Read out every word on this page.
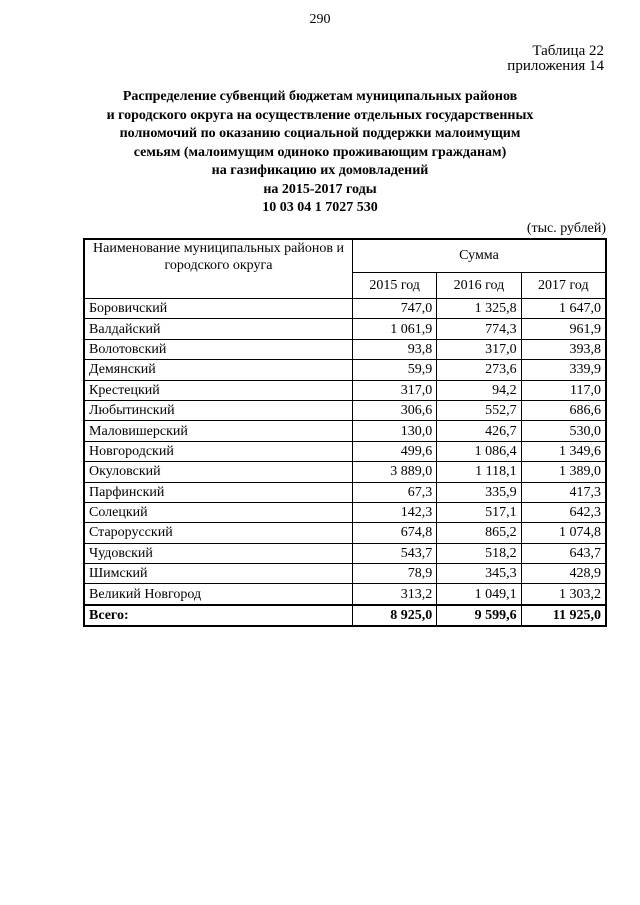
290
Таблица 22
приложения 14
Распределение субвенций бюджетам муниципальных районов
и городского округа на осуществление отдельных государственных
полномочий по оказанию социальной поддержки малоимущим
семьям (малоимущим одиноко проживающим гражданам)
на газификацию их домовладений
на 2015-2017 годы
10 03 04 1 7027 530
(тыс. рублей)
Наименование муниципальных районов и городского округа	Сумма		
	2015 год	2016 год	2017 год
Боровичский	747,0	1 325,8	1 647,0
Валдайский	1 061,9	774,3	961,9
Волотовский	93,8	317,0	393,8
Демянский	59,9	273,6	339,9
Крестецкий	317,0	94,2	117,0
Любытинский	306,6	552,7	686,6
Маловишерский	130,0	426,7	530,0
Новгородский	499,6	1 086,4	1 349,6
Окуловский	3 889,0	1 118,1	1 389,0
Парфинский	67,3	335,9	417,3
Солецкий	142,3	517,1	642,3
Старорусский	674,8	865,2	1 074,8
Чудовский	543,7	518,2	643,7
Шимский	78,9	345,3	428,9
Великий Новгород	313,2	1 049,1	1 303,2
Всего:	8 925,0	9 599,6	11 925,0
